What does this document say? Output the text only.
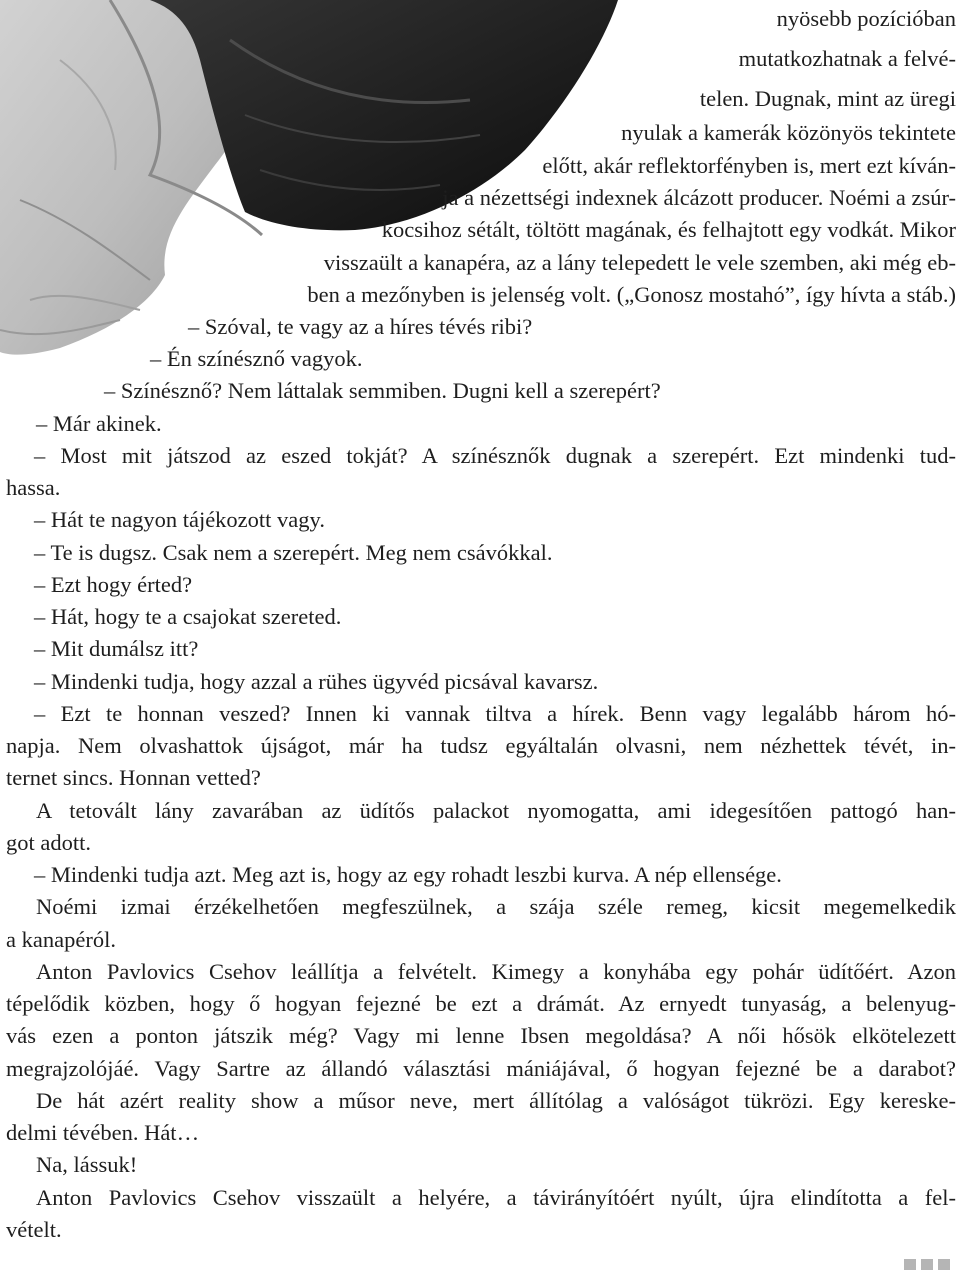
nyösebb pozícióban
mutatkozhatnak a felvé-
telen. Dugnak, mint az üregi
nyulak a kamerák közönyös tekintete
előtt, akár reflektorfényben is, mert ezt kíván-
ja a nézettségi indexnek álcázott producer. Noémi a zsúr-
kocsihoz sétált, töltött magának, és felhajtott egy vodkát. Mikor
visszaült a kanapéra, az a lány telepedett le vele szemben, aki még eb-
ben a mezőnyben is jelenség volt. („Gonosz mostahó”, így hívta a stáb.)
– Szóval, te vagy az a híres tévés ribi?
– Én színésznő vagyok.
– Színésznő? Nem láttalak semmiben. Dugni kell a szerepért?
– Már akinek.
– Most mit játszod az eszed tokját? A színésznők dugnak a szerepért. Ezt mindenki tud-
hassa.
– Hát te nagyon tájékozott vagy.
– Te is dugsz. Csak nem a szerepért. Meg nem csávókkal.
– Ezt hogy érted?
– Hát, hogy te a csajokat szereted.
– Mit dumálsz itt?
– Mindenki tudja, hogy azzal a rühes ügyvéd picsával kavarsz.
– Ezt te honnan veszed? Innen ki vannak tiltva a hírek. Benn vagy legalább három hó-
napja. Nem olvashattok újságot, már ha tudsz egyáltalán olvasni, nem nézhettek tévét, in-
ternet sincs. Honnan vetted?
A tetovált lány zavarában az üdítős palackot nyomogatta, ami idegesítően pattogó han-
got adott.
– Mindenki tudja azt. Meg azt is, hogy az egy rohadt leszbi kurva. A nép ellensége.
Noémi izmai érzékelhetően megfeszülnek, a szája széle remeg, kicsit megemelkedik
a kanapéról.
Anton Pavlovics Csehov leállítja a felvételt. Kimegy a konyhába egy pohár üdítőért. Azon
tépelődik közben, hogy ő hogyan fejezné be ezt a drámát. Az ernyedt tunyaság, a belenyug-
vás ezen a ponton játszik még? Vagy mi lenne Ibsen megoldása? A női hősök elkötelezett
megrajzolójáé. Vagy Sartre az állandó választási mániájával, ő hogyan fejezné be a darabot?
De hát azért reality show a műsor neve, mert állítólag a valóságot tükrözi. Egy kereske-
delmi tévében. Hát…
Na, lássuk!
Anton Pavlovics Csehov visszaült a helyére, a távirányítóért nyúlt, újra elindította a fel-
vételt.
